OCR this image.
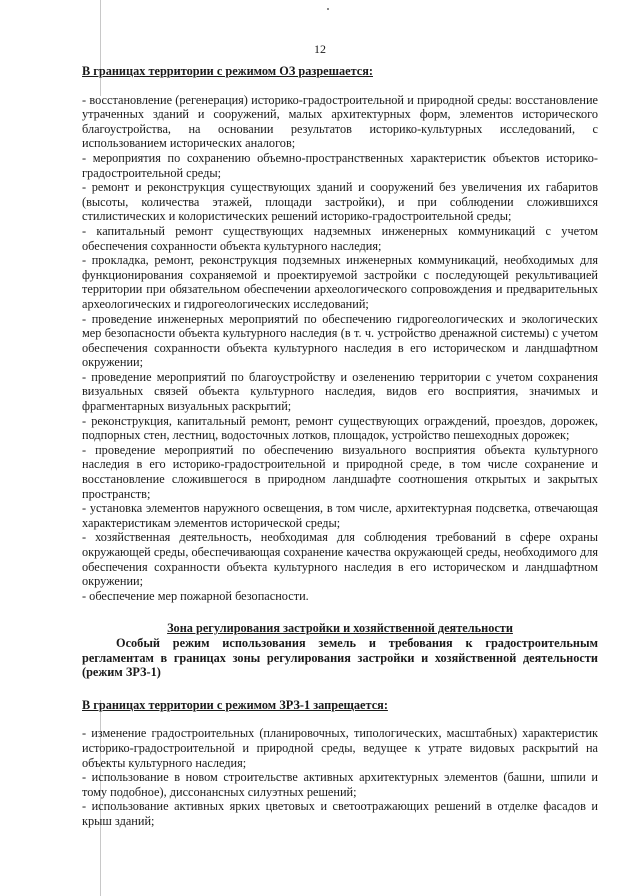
12

В границах территории с режимом ОЗ разрешается:

- восстановление (регенерация) историко-градостроительной и природной среды: восстановление утраченных зданий и сооружений, малых архитектурных форм, элементов исторического благоустройства, на основании результатов историко-культурных исследований, с использованием исторических аналогов;

- мероприятия по сохранению объемно-пространственных характеристик объектов историко-градостроительной среды;

- ремонт и реконструкция существующих зданий и сооружений без увеличения их габаритов (высоты, количества этажей, площади застройки), и при соблюдении сложившихся стилистических и колористических решений историко-градостроительной среды;

- капитальный ремонт существующих надземных инженерных коммуникаций с учетом обеспечения сохранности объекта культурного наследия;

- прокладка, ремонт, реконструкция подземных инженерных коммуникаций, необходимых для функционирования сохраняемой и проектируемой застройки с последующей рекультивацией территории при обязательном обеспечении археологического сопровождения и предварительных археологических и гидрогеологических исследований;

- проведение инженерных мероприятий по обеспечению гидрогеологических и экологических мер безопасности объекта культурного наследия (в т. ч. устройство дренажной системы) с учетом обеспечения сохранности объекта культурного наследия в его историческом и ландшафтном окружении;

- проведение мероприятий по благоустройству и озеленению территории с учетом сохранения визуальных связей объекта культурного наследия, видов его восприятия, значимых и фрагментарных визуальных раскрытий;

- реконструкция, капитальный ремонт, ремонт существующих ограждений, проездов, дорожек, подпорных стен, лестниц, водосточных лотков, площадок, устройство пешеходных дорожек;

- проведение мероприятий по обеспечению визуального восприятия объекта культурного наследия в его историко-градостроительной и природной среде, в том числе сохранение и восстановление сложившегося в природном ландшафте соотношения открытых и закрытых пространств;

- установка элементов наружного освещения, в том числе, архитектурная подсветка, отвечающая характеристикам элементов исторической среды;

- хозяйственная деятельность, необходимая для соблюдения требований в сфере охраны окружающей среды, обеспечивающая сохранение качества окружающей среды, необходимого для обеспечения сохранности объекта культурного наследия в его историческом и ландшафтном окружении;

- обеспечение мер пожарной безопасности.

Зона регулирования застройки и хозяйственной деятельности

Особый режим использования земель и требования к градостроительным регламентам в границах зоны регулирования застройки и хозяйственной деятельности (режим ЗРЗ-1)

В границах территории с режимом ЗРЗ-1 запрещается:

- изменение градостроительных (планировочных, типологических, масштабных) характеристик историко-градостроительной и природной среды, ведущее к утрате видовых раскрытий на объекты культурного наследия;

- использование в новом строительстве активных архитектурных элементов (башни, шпили и тому подобное), диссонансных силуэтных решений;

- использование активных ярких цветовых и светоотражающих решений в отделке фасадов и крыш зданий;
